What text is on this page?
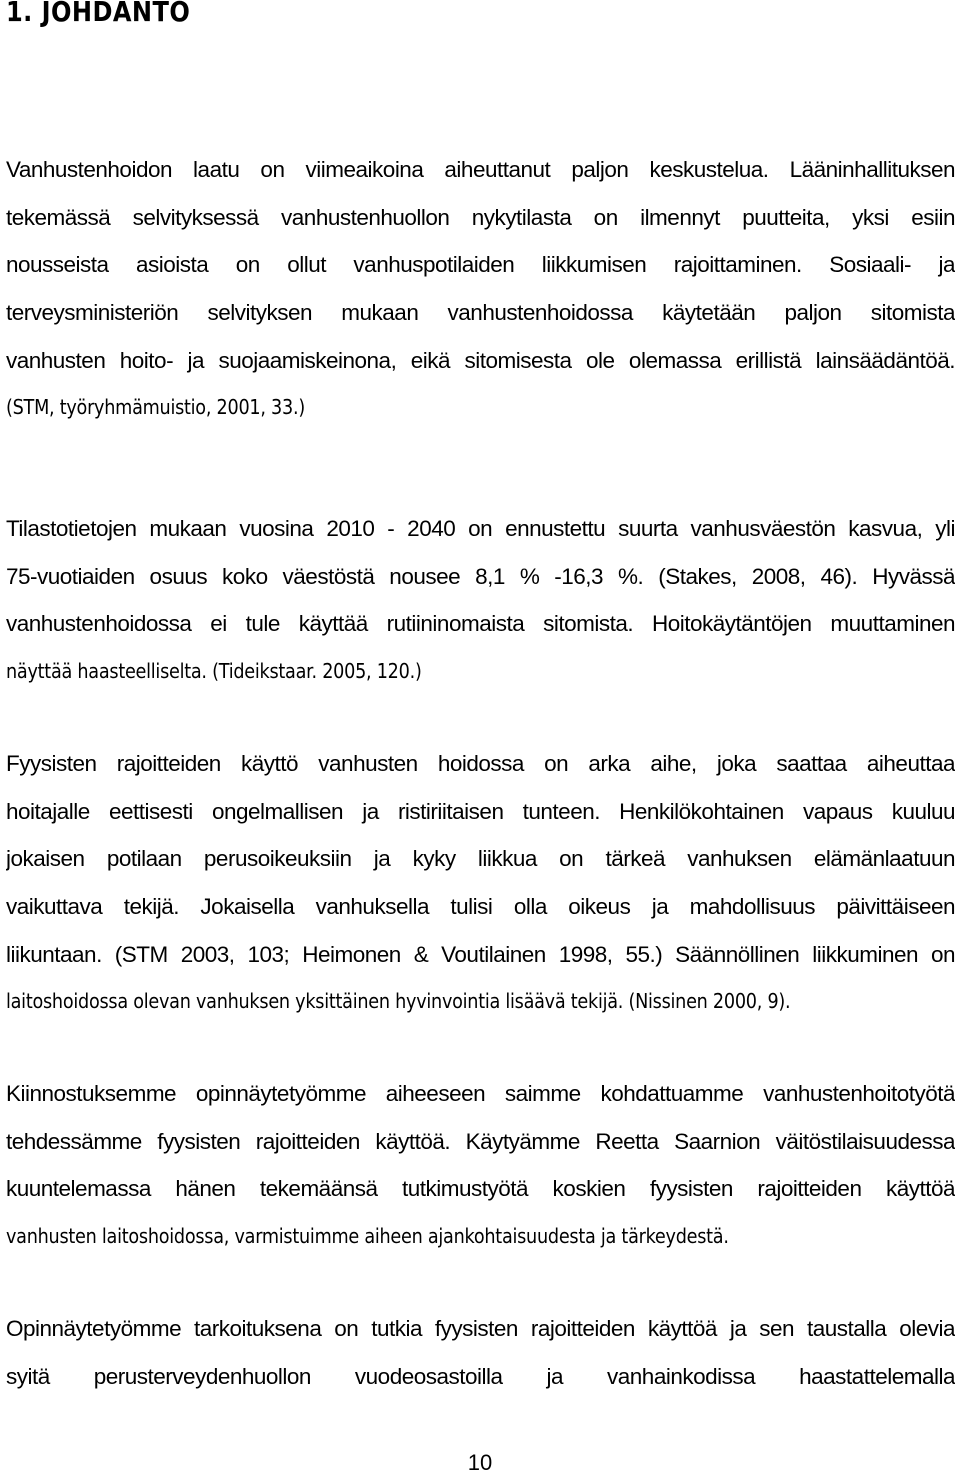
1. JOHDANTO
Vanhustenhoidon laatu on viimeaikoina aiheuttanut paljon keskustelua. Lääninhallituksen
tekemässä selvityksessä vanhustenhuollon nykytilasta on ilmennyt puutteita, yksi esiin
nousseista asioista on ollut vanhuspotilaiden liikkumisen rajoittaminen. Sosiaali- ja
terveysministeriön selvityksen mukaan vanhustenhoidossa käytetään paljon sitomista
vanhusten hoito- ja suojaamiskeinona, eikä sitomisesta ole olemassa erillistä lainsäädäntöä.
(STM, työryhmämuistio, 2001, 33.)
Tilastotietojen mukaan vuosina 2010 - 2040 on ennustettu suurta vanhusväestön kasvua, yli
75-vuotiaiden osuus koko väestöstä nousee 8,1 % -16,3 %. (Stakes, 2008, 46). Hyvässä
vanhustenhoidossa ei tule käyttää rutiininomaista sitomista. Hoitokäytäntöjen muuttaminen
näyttää haasteelliselta. (Tideikstaar. 2005, 120.)
Fyysisten rajoitteiden käyttö vanhusten hoidossa on arka aihe, joka saattaa aiheuttaa
hoitajalle eettisesti ongelmallisen ja ristiriitaisen tunteen. Henkilökohtainen vapaus kuuluu
jokaisen potilaan perusoikeuksiin ja kyky liikkua on tärkeä vanhuksen elämänlaatuun
vaikuttava tekijä. Jokaisella vanhuksella tulisi olla oikeus ja mahdollisuus päivittäiseen
liikuntaan. (STM 2003, 103; Heimonen & Voutilainen 1998, 55.) Säännöllinen liikkuminen on
laitoshoidossa olevan vanhuksen yksittäinen hyvinvointia lisäävä tekijä. (Nissinen 2000, 9).
Kiinnostuksemme opinnäytetyömme aiheeseen saimme kohdattuamme vanhustenhoitotyötä
tehdessämme fyysisten rajoitteiden käyttöä. Käytyämme Reetta Saarnion väitöstilaisuudessa
kuuntelemassa hänen tekemäänsä tutkimustyötä koskien fyysisten rajoitteiden käyttöä
vanhusten laitoshoidossa, varmistuimme aiheen ajankohtaisuudesta ja tärkeydestä.
Opinnäytetyömme tarkoituksena on tutkia fyysisten rajoitteiden käyttöä ja sen taustalla olevia
syitä perusterveydenhuollon vuodeosastoilla ja vanhainkodissa haastattelemalla
10
